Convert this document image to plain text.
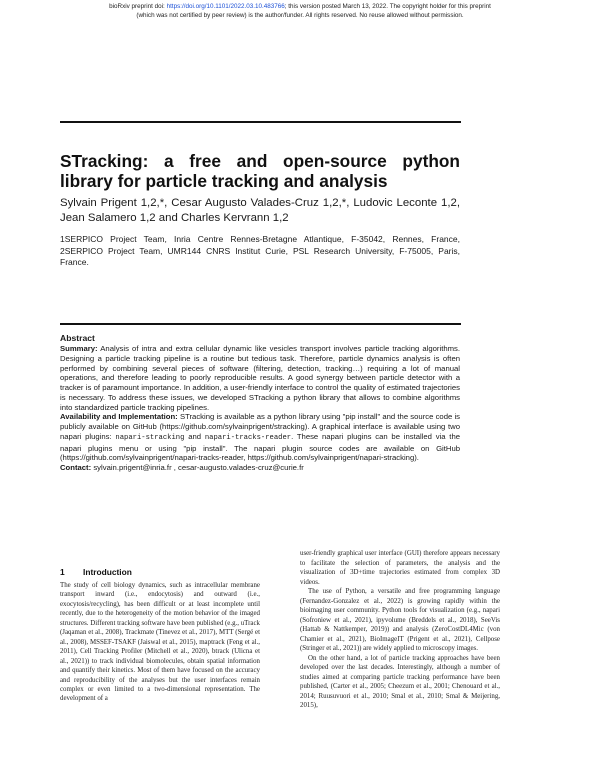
bioRxiv preprint doi: https://doi.org/10.1101/2022.03.10.483766; this version posted March 13, 2022. The copyright holder for this preprint
(which was not certified by peer review) is the author/funder. All rights reserved. No reuse allowed without permission.
STracking: a free and open-source python
library for particle tracking and analysis
Sylvain Prigent 1,2,*, Cesar Augusto Valades-Cruz 1,2,*, Ludovic Leconte 1,2,
Jean Salamero 1,2 and Charles Kervrann 1,2
1SERPICO Project Team, Inria Centre Rennes-Bretagne Atlantique, F-35042, Rennes, France,
2SERPICO Project Team, UMR144 CNRS Institut Curie, PSL Research University, F-75005, Paris,
France.
Abstract

Summary: Analysis of intra and extra cellular dynamic like vesicles transport involves particle tracking algorithms. Designing a particle tracking pipeline is a routine but tedious task. Therefore, particle dynamics analysis is often performed by combining several pieces of software (filtering, detection, tracking…) requiring a lot of manual operations, and therefore leading to poorly reproducible results. A good synergy between particle detector with a tracker is of paramount importance. In addition, a user-friendly interface to control the quality of estimated trajectories is necessary. To address these issues, we developed STracking a python library that allows to combine algorithms into standardized particle tracking pipelines.

Availability and Implementation: STracking is available as a python library using "pip install" and the source code is publicly available on GitHub (https://github.com/sylvainprigent/stracking). A graphical interface is available using two napari plugins: napari-stracking and napari-tracks-reader. These napari plugins can be installed via the napari plugins menu or using "pip install". The napari plugin source codes are available on GitHub (https://github.com/sylvainprigent/napari-tracks-reader, https://github.com/sylvainprigent/napari-stracking).

Contact: sylvain.prigent@inria.fr , cesar-augusto.valades-cruz@curie.fr

1 Introduction

The study of cell biology dynamics, such as intracellular membrane transport inward (i.e., endocytosis) and outward (i.e., exocytosis/recycling), has been difficult or at least incomplete until recently, due to the heterogeneity of the motion behavior of the imaged structures. Different tracking software have been published (e.g., uTrack (Jaqaman et al., 2008), Trackmate (Tinevez et al., 2017), MTT (Sergé et al., 2008), MSSEF-TSAKF (Jaiswal et al., 2015), maptrack (Feng et al., 2011), Cell Tracking Profiler (Mitchell et al., 2020), btrack (Ulicna et al., 2021)) to track individual biomolecules, obtain spatial information and quantify their kinetics. Most of them have focused on the accuracy and reproducibility of the analyses but the user interfaces remain complex or even limited to a two-dimensional representation. The development of a

user-friendly graphical user interface (GUI) therefore appears necessary to facilitate the selection of parameters, the analysis and the visualization of 3D+time trajectories estimated from complex 3D videos.

The use of Python, a versatile and free programming language (Fernandez-Gonzalez et al., 2022) is growing rapidly within the bioimaging user community. Python tools for visualization (e.g., napari (Sofroniew et al., 2021), ipyvolume (Breddels et al., 2018), SeeVis (Hattab & Nattkemper, 2019)) and analysis (ZeroCostDL4Mic (von Chamier et al., 2021), BioImageIT (Prigent et al., 2021), Cellpose (Stringer et al., 2021)) are widely applied to microscopy images.

On the other hand, a lot of particle tracking approaches have been developed over the last decades. Interestingly, although a number of studies aimed at comparing particle tracking performance have been published, (Carter et al., 2005; Cheezum et al., 2001; Chenouard et al., 2014; Ruusuvuori et al., 2010; Smal et al., 2010; Smal & Meijering, 2015),
